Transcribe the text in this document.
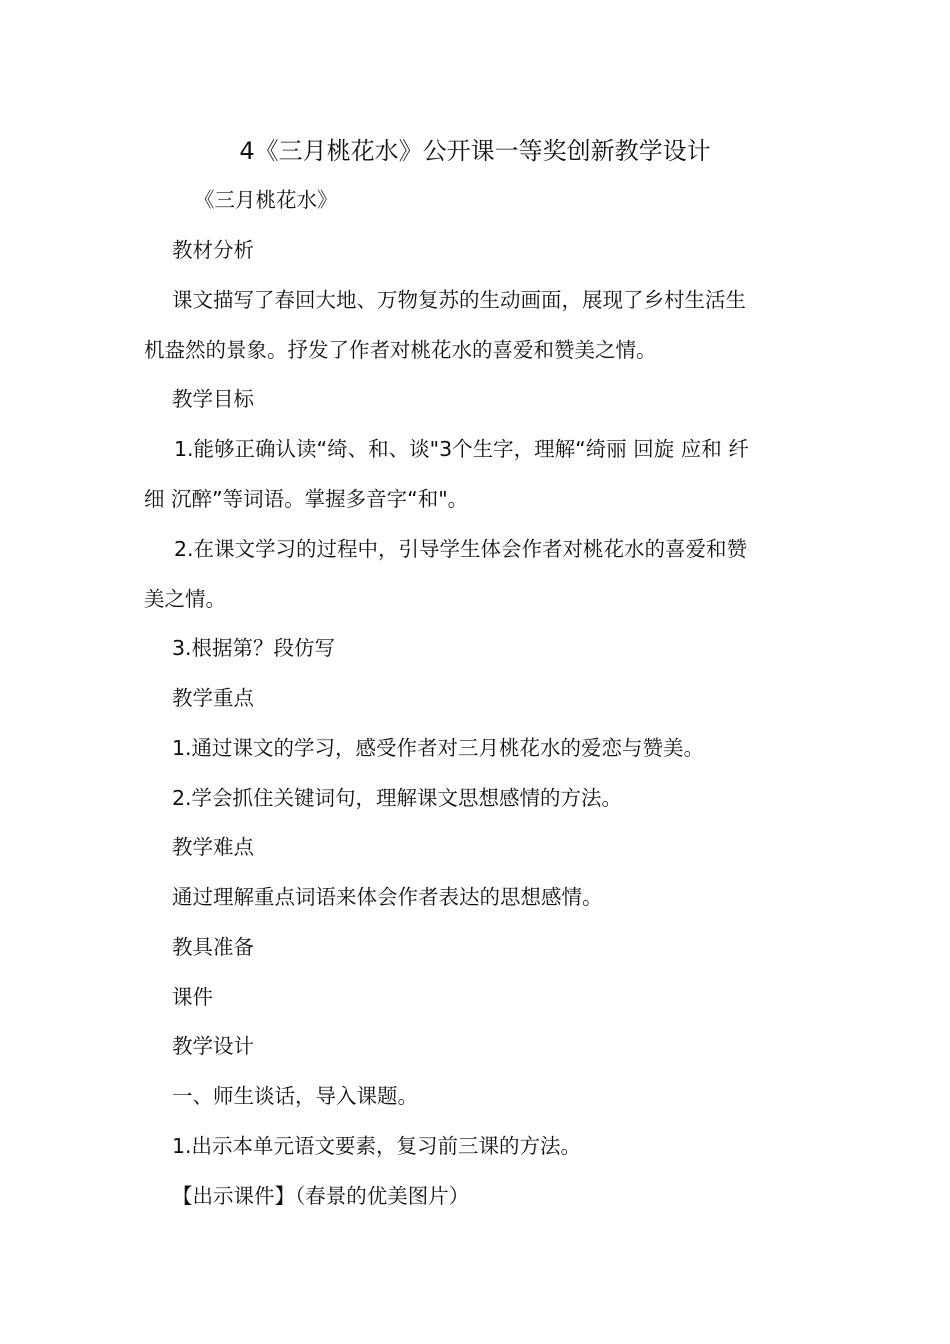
4《三月桃花水》公开课一等奖创新教学设计

《三月桃花水》

教材分析

课文描写了春回大地、万物复苏的生动画面，展现了乡村生活生

机盎然的景象。抒发了作者对桃花水的喜爱和赞美之情。

教学目标

1.能够正确认读“绮、和、谈"3个生字，理解“绮丽 回旋 应和 纤

细 沉醉”等词语。掌握多音字“和"。

2.在课文学习的过程中，引导学生体会作者对桃花水的喜爱和赞

美之情。

3.根据第？段仿写

教学重点

1.通过课文的学习，感受作者对三月桃花水的爱恋与赞美。

2.学会抓住关键词句，理解课文思想感情的方法。

教学难点

通过理解重点词语来体会作者表达的思想感情。

教具准备

课件

教学设计

一、师生谈话，导入课题。

1.出示本单元语文要素，复习前三课的方法。

【出示课件】（春景的优美图片）
